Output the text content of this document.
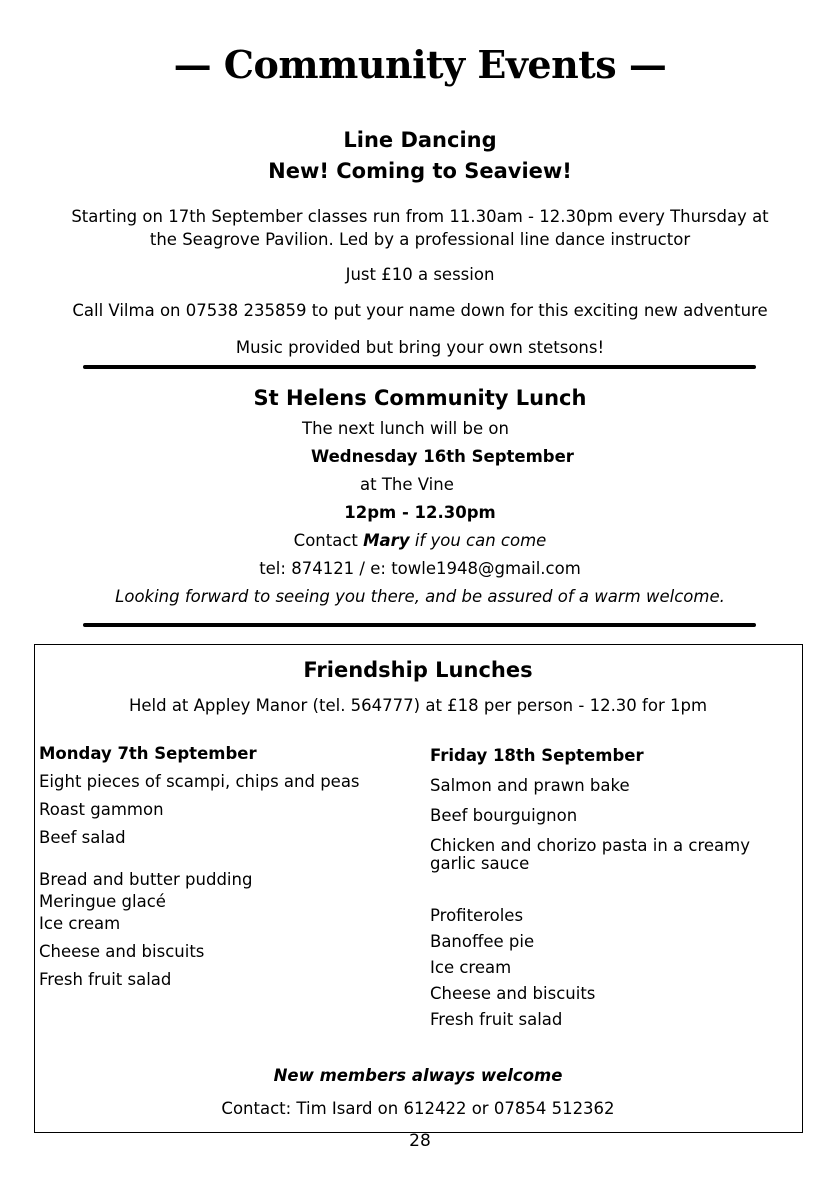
— Community Events —
Line Dancing
New! Coming to Seaview!
Starting on 17th September classes run from 11.30am - 12.30pm every Thursday at
the Seagrove Pavilion. Led by a professional line dance instructor
Just £10 a session
Call Vilma on 07538 235859 to put your name down for this exciting new adventure
Music provided but bring your own stetsons!
St Helens Community Lunch
The next lunch will be on
Wednesday 16th September
at The Vine
12pm - 12.30pm
Contact Mary if you can come
tel: 874121 / e: towle1948@gmail.com
Looking forward to seeing you there, and be assured of a warm welcome.
Friendship Lunches
Held at Appley Manor (tel. 564777) at £18 per person - 12.30 for 1pm
Monday 7th September
Eight pieces of scampi, chips and peas
Roast gammon
Beef salad
Bread and butter pudding
Meringue glacé
Ice cream
Cheese and biscuits
Fresh fruit salad
Friday 18th September
Salmon and prawn bake
Beef bourguignon
Chicken and chorizo pasta in a creamy
garlic sauce
Profiteroles
Banoffee pie
Ice cream
Cheese and biscuits
Fresh fruit salad
New members always welcome
Contact: Tim Isard on 612422 or 07854 512362
28
